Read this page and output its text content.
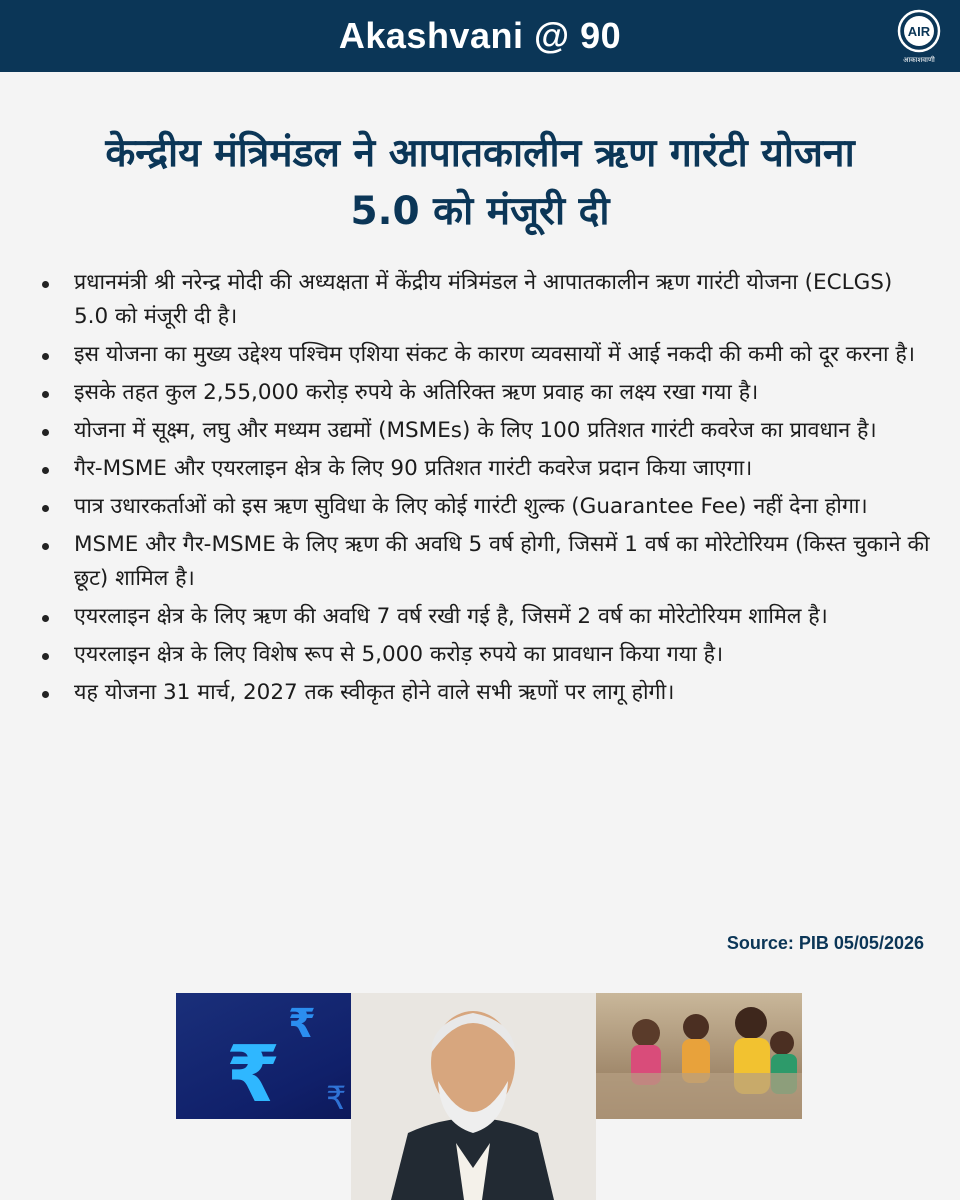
Akashvani @ 90	AIR
आकाशवाणी
केन्द्रीय मंत्रिमंडल ने आपातकालीन ऋण गारंटी योजना
5.0 को मंजूरी दी
प्रधानमंत्री श्री नरेन्द्र मोदी की अध्यक्षता में केंद्रीय मंत्रिमंडल ने आपातकालीन ऋण गारंटी योजना (ECLGS) 5.0 को मंजूरी दी है।
इस योजना का मुख्य उद्देश्य पश्चिम एशिया संकट के कारण व्यवसायों में आई नकदी की कमी को दूर करना है।
इसके तहत कुल 2,55,000 करोड़ रुपये के अतिरिक्त ऋण प्रवाह का लक्ष्य रखा गया है।
योजना में सूक्ष्म, लघु और मध्यम उद्यमों (MSMEs) के लिए 100 प्रतिशत गारंटी कवरेज का प्रावधान है।
गैर-MSME और एयरलाइन क्षेत्र के लिए 90 प्रतिशत गारंटी कवरेज प्रदान किया जाएगा।
पात्र उधारकर्ताओं को इस ऋण सुविधा के लिए कोई गारंटी शुल्क (Guarantee Fee) नहीं देना होगा।
MSME और गैर-MSME के लिए ऋण की अवधि 5 वर्ष होगी, जिसमें 1 वर्ष का मोरेटोरियम (किस्त चुकाने की छूट) शामिल है।
एयरलाइन क्षेत्र के लिए ऋण की अवधि 7 वर्ष रखी गई है, जिसमें 2 वर्ष का मोरेटोरियम शामिल है।
एयरलाइन क्षेत्र के लिए विशेष रूप से 5,000 करोड़ रुपये का प्रावधान किया गया है।
यह योजना 31 मार्च, 2027 तक स्वीकृत होने वाले सभी ऋणों पर लागू होगी।
Source: PIB 05/05/2026
₹
₹
₹
